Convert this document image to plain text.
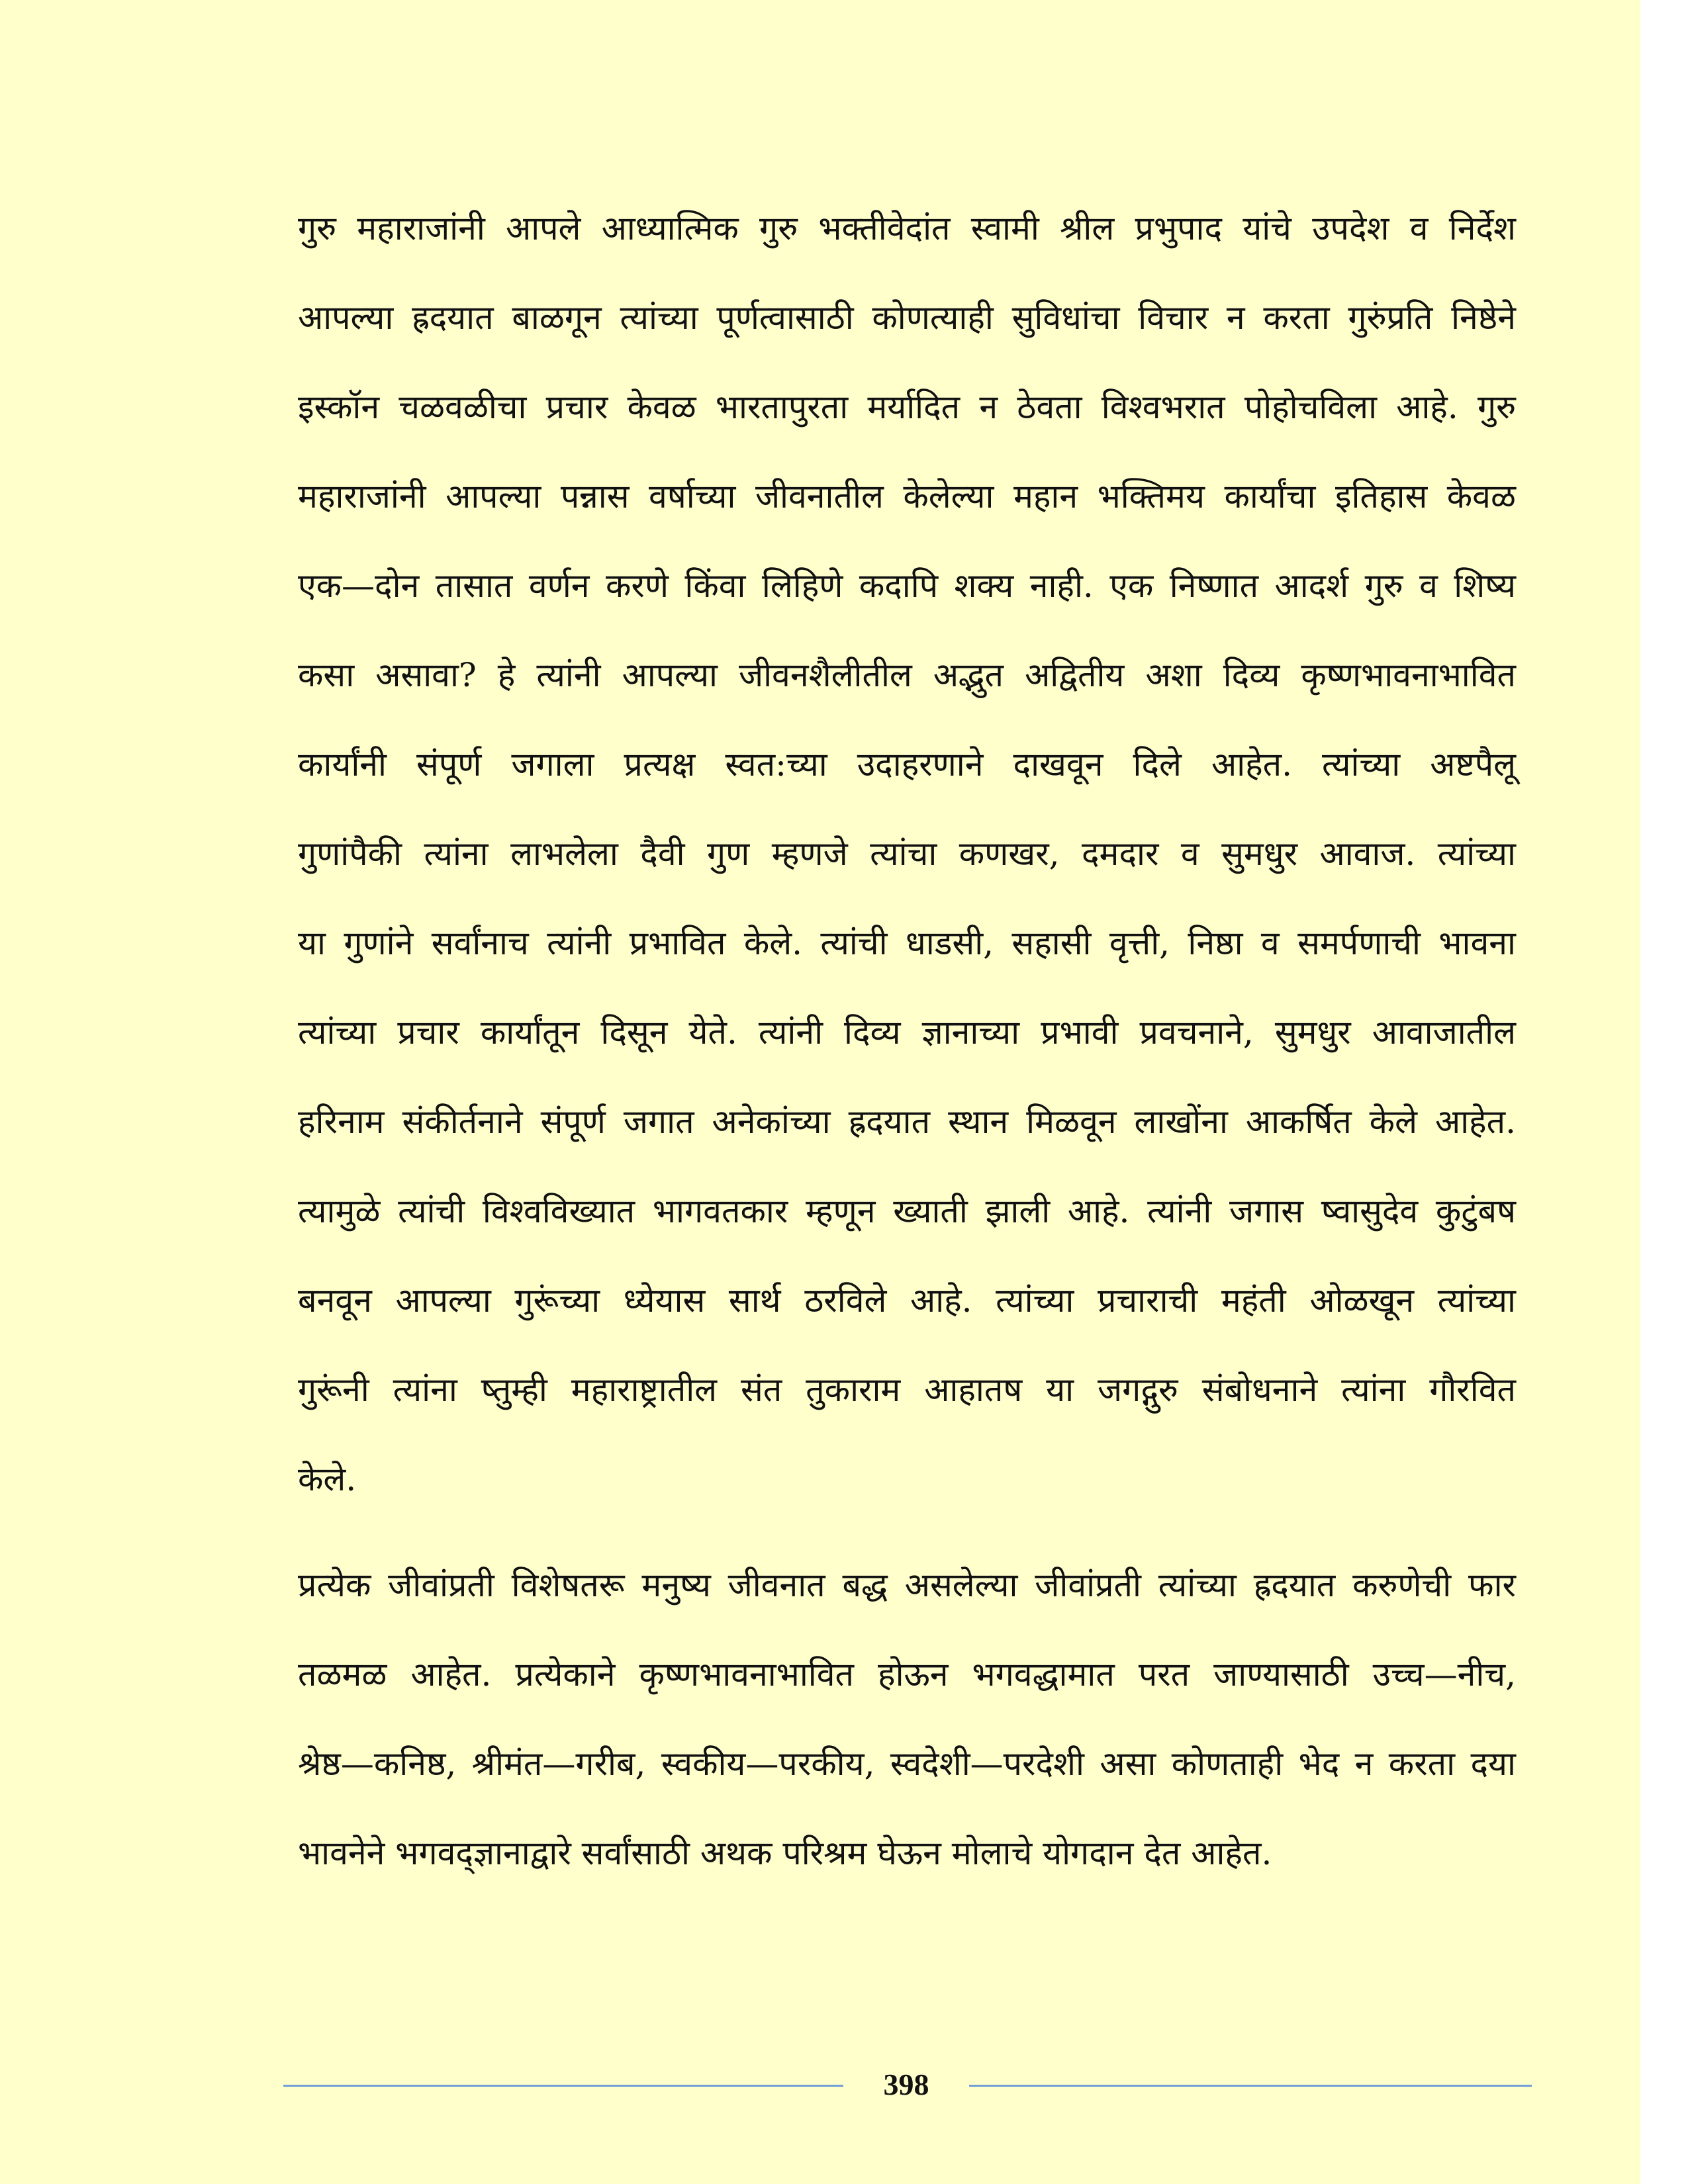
गुरु महाराजांनी आपले आध्यात्मिक गुरु भक्तीवेदांत स्वामी श्रील प्रभुपाद यांचे उपदेश व निर्देश
आपल्या ह्रदयात बाळगून त्यांच्या पूर्णत्वासाठी कोणत्याही सुविधांचा विचार न करता गुरुंप्रति निष्ठेने
इस्कॉन चळवळीचा प्रचार केवळ भारतापुरता मर्यादित न ठेवता विश्वभरात पोहोचविला आहे. गुरु
महाराजांनी आपल्या पन्नास वर्षाच्या जीवनातील केलेल्या महान भक्तिमय कार्यांचा इतिहास केवळ
एक—दोन तासात वर्णन करणे किंवा लिहिणे कदापि शक्य नाही. एक निष्णात आदर्श गुरु व शिष्य
कसा असावा? हे त्यांनी आपल्या जीवनशैलीतील अद्भुत अद्वितीय अशा दिव्य कृष्णभावनाभावित
कार्यांनी संपूर्ण जगाला प्रत्यक्ष स्वत:च्या उदाहरणाने दाखवून दिले आहेत. त्यांच्या अष्टपैलू
गुणांपैकी त्यांना लाभलेला दैवी गुण म्हणजे त्यांचा कणखर, दमदार व सुमधुर आवाज. त्यांच्या
या गुणांने सर्वांनाच त्यांनी प्रभावित केले. त्यांची धाडसी, सहासी वृत्ती, निष्ठा व समर्पणाची भावना
त्यांच्या प्रचार कार्यांतून दिसून येते. त्यांनी दिव्य ज्ञानाच्या प्रभावी प्रवचनाने, सुमधुर आवाजातील
हरिनाम संकीर्तनाने संपूर्ण जगात अनेकांच्या ह्रदयात स्थान मिळवून लाखोंना आकर्षित केले आहेत.
त्यामुळे त्यांची विश्वविख्यात भागवतकार म्हणून ख्याती झाली आहे. त्यांनी जगास ष्वासुदेव कुटुंबष
बनवून आपल्या गुरूंच्या ध्येयास सार्थ ठरविले आहे. त्यांच्या प्रचाराची महंती ओळखून त्यांच्या
गुरूंनी त्यांना ष्तुम्ही महाराष्ट्रातील संत तुकाराम आहातष या जगद्गुरु संबोधनाने त्यांना गौरवित
केले.
प्रत्येक जीवांप्रती विशेषतरू मनुष्य जीवनात बद्ध असलेल्या जीवांप्रती त्यांच्या ह्रदयात करुणेची फार
तळमळ आहेत. प्रत्येकाने कृष्णभावनाभावित होऊन भगवद्धामात परत जाण्यासाठी उच्च—नीच,
श्रेष्ठ—कनिष्ठ, श्रीमंत—गरीब, स्वकीय—परकीय, स्वदेशी—परदेशी असा कोणताही भेद न करता दया
भावनेने भगवद्ज्ञानाद्वारे सर्वांसाठी अथक परिश्रम घेऊन मोलाचे योगदान देत आहेत.
398
